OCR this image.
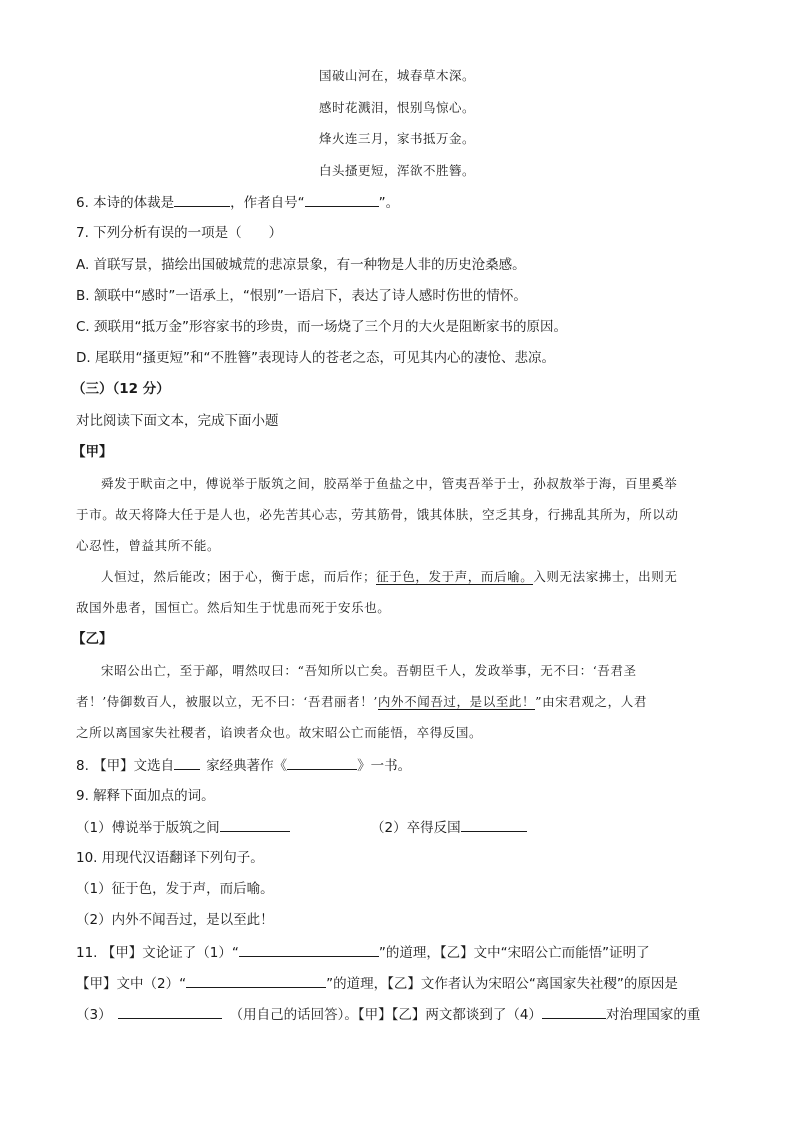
国破山河在，城春草木深。
感时花溅泪，恨别鸟惊心。
烽火连三月，家书抵万金。
白头搔更短，浑欲不胜簪。
6. 本诗的体裁是	，作者自号“	”。
7. 下列分析有误的一项是（　　）
A. 首联写景，描绘出国破城荒的悲凉景象，有一种物是人非的历史沧桑感。
B. 颔联中“感时”一语承上，“恨别”一语启下，表达了诗人感时伤世的情怀。
C. 颈联用“抵万金”形容家书的珍贵，而一场烧了三个月的大火是阻断家书的原因。
D. 尾联用“搔更短”和“不胜簪”表现诗人的苍老之态，可见其内心的凄怆、悲凉。
（三）（12 分）
对比阅读下面文本，完成下面小题
【甲】
舜发于畎亩之中，傅说举于版筑之间，胶鬲举于鱼盐之中，管夷吾举于士，孙叔敖举于海，百里奚举
于市。故天将降大任于是人也，必先苦其心志，劳其筋骨，饿其体肤，空乏其身，行拂乱其所为，所以动
心忍性，曾益其所不能。
人恒过，然后能改；困于心，衡于虑，而后作；征于色，发于声，而后喻。入则无法家拂士，出则无
敌国外患者，国恒亡。然后知生于忧患而死于安乐也。
【乙】
宋昭公出亡，至于鄗，喟然叹曰：“吾知所以亡矣。吾朝臣千人，发政举事，无不曰：‘吾君圣
者！’侍御数百人，被服以立，无不曰：‘吾君丽者！’内外不闻吾过，是以至此！”由宋君观之，人君
之所以离国家失社稷者，谄谀者众也。故宋昭公亡而能悟，卒得反国。
8. 【甲】文选自 家经典著作《	》一书。
9. 解释下面加点的词。
（1）傅说举于版筑之间	（2）卒得反国
10. 用现代汉语翻译下列句子。
（1）征于色，发于声，而后喻。
（2）内外不闻吾过，是以至此！
11. 【甲】文论证了（1）“	”的道理，【乙】文中“宋昭公亡而能悟”证明了
【甲】文中（2）“	”的道理，【乙】文作者认为宋昭公“离国家失社稷”的原因是
（3）	（用自己的话回答）。【甲】【乙】两文都谈到了（4）	对治理国家的重
